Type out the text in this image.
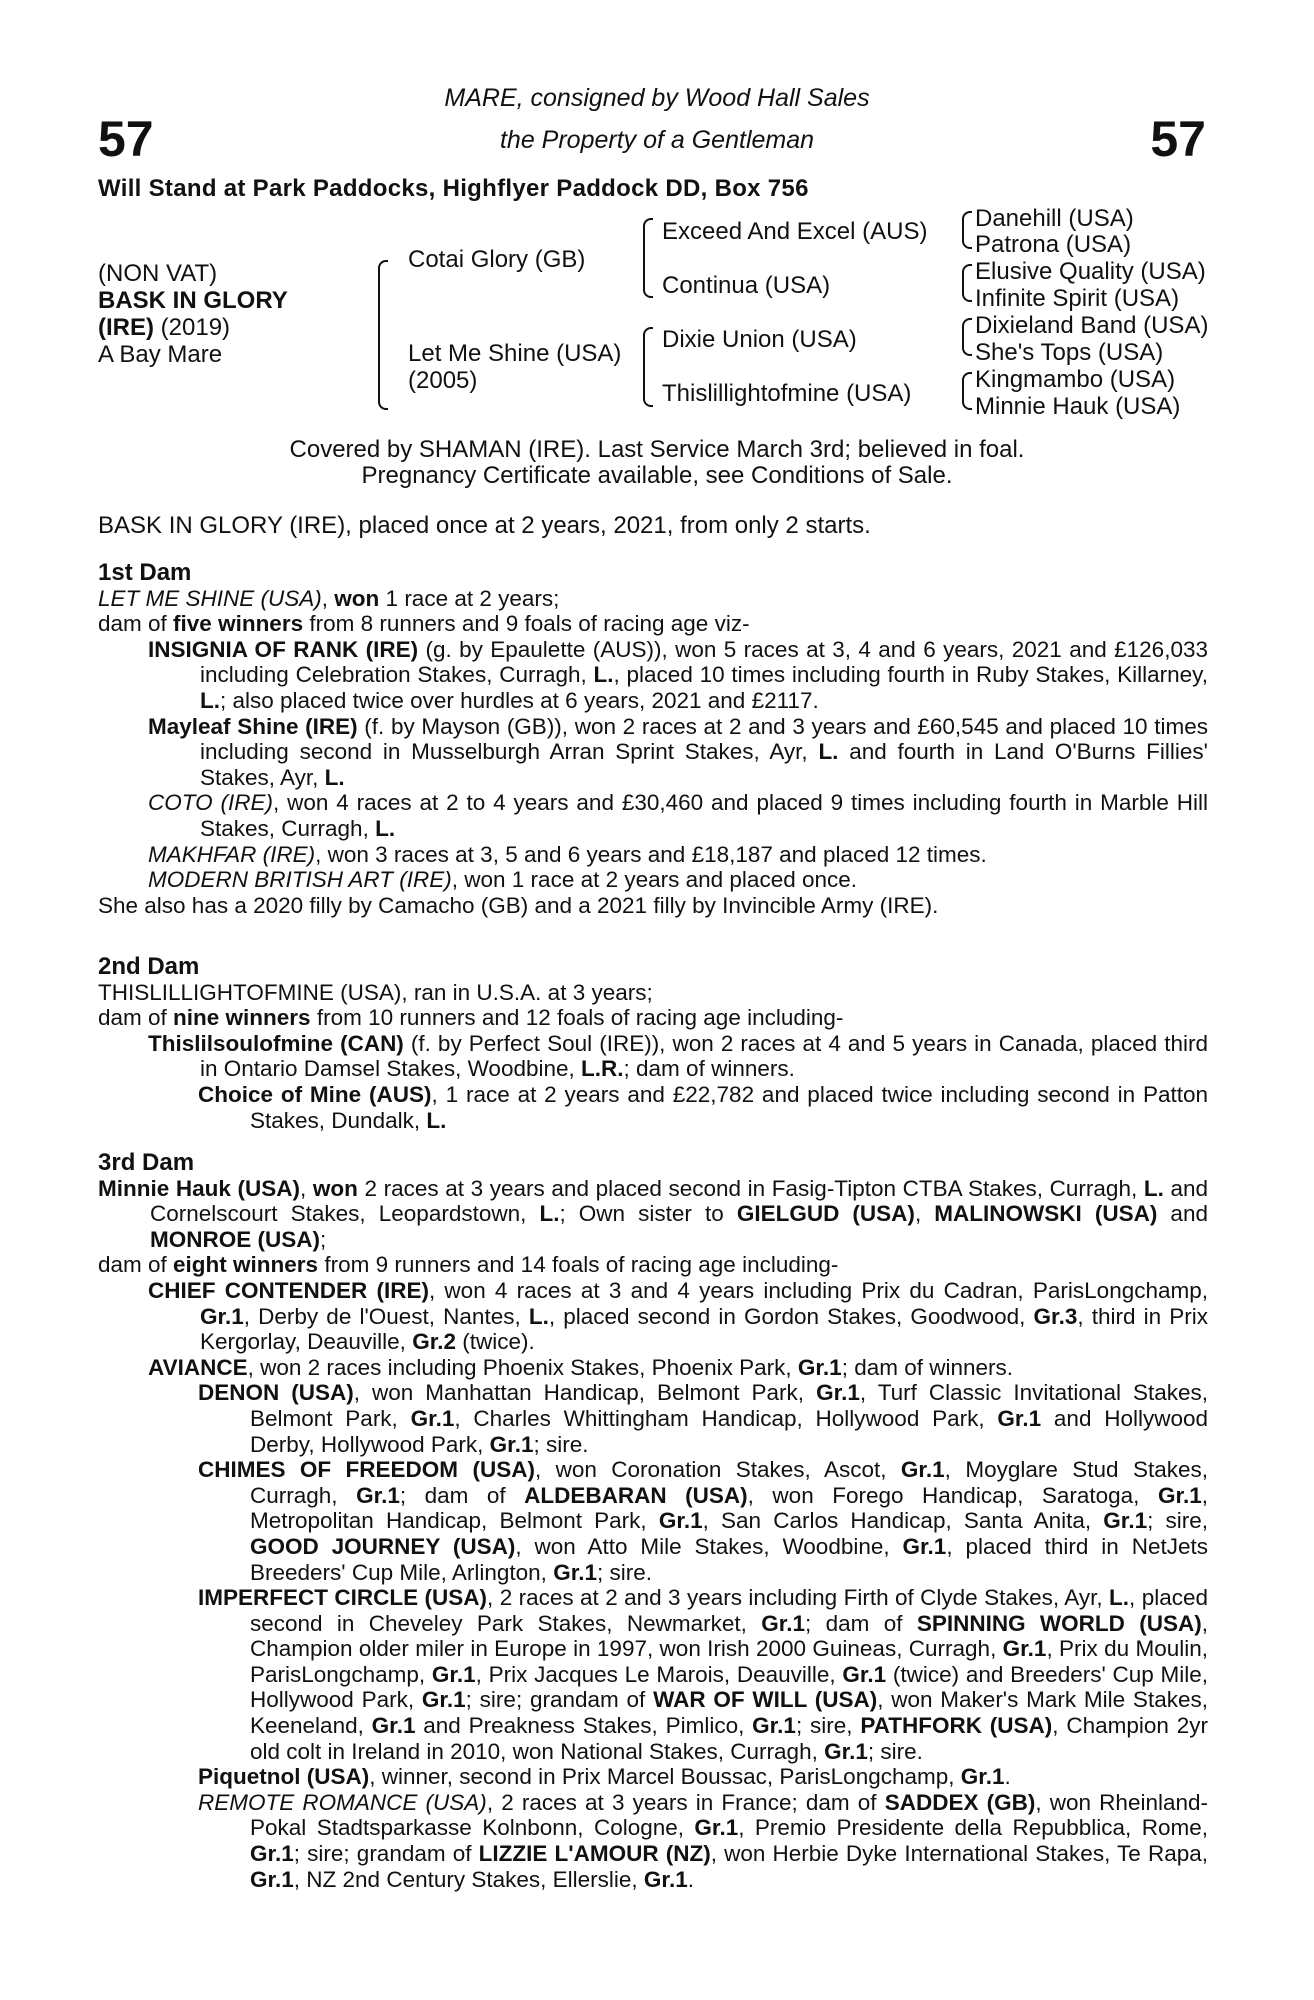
57	57
MARE, consigned by Wood Hall Sales
the Property of a Gentleman
Will Stand at Park Paddocks, Highflyer Paddock DD, Box 756
(NON VAT)
BASK IN GLORY
(IRE) (2019)
A Bay Mare
Cotai Glory (GB)
Let Me Shine (USA)
(2005)
Exceed And Excel (AUS)
Continua (USA)
Dixie Union (USA)
Thislillightofmine (USA)
Danehill (USA)
Patrona (USA)
Elusive Quality (USA)
Infinite Spirit (USA)
Dixieland Band (USA)
She's Tops (USA)
Kingmambo (USA)
Minnie Hauk (USA)
Covered by SHAMAN (IRE). Last Service March 3rd; believed in foal.
Pregnancy Certificate available, see Conditions of Sale.
BASK IN GLORY (IRE), placed once at 2 years, 2021, from only 2 starts.

1st Dam

LET ME SHINE (USA), won 1 race at 2 years;

dam of five winners from 8 runners and 9 foals of racing age viz-

INSIGNIA OF RANK (IRE) (g. by Epaulette (AUS)), won 5 races at 3, 4 and 6 years, 2021 and £126,033 including Celebration Stakes, Curragh, L., placed 10 times including fourth in Ruby Stakes, Killarney, L.; also placed twice over hurdles at 6 years, 2021 and £2117.

Mayleaf Shine (IRE) (f. by Mayson (GB)), won 2 races at 2 and 3 years and £60,545 and placed 10 times including second in Musselburgh Arran Sprint Stakes, Ayr, L. and fourth in Land O'Burns Fillies' Stakes, Ayr, L.

COTO (IRE), won 4 races at 2 to 4 years and £30,460 and placed 9 times including fourth in Marble Hill Stakes, Curragh, L.

MAKHFAR (IRE), won 3 races at 3, 5 and 6 years and £18,187 and placed 12 times.

MODERN BRITISH ART (IRE), won 1 race at 2 years and placed once.

She also has a 2020 filly by Camacho (GB) and a 2021 filly by Invincible Army (IRE).

2nd Dam

THISLILLIGHTOFMINE (USA), ran in U.S.A. at 3 years;

dam of nine winners from 10 runners and 12 foals of racing age including-

Thislilsoulofmine (CAN) (f. by Perfect Soul (IRE)), won 2 races at 4 and 5 years in Canada, placed third in Ontario Damsel Stakes, Woodbine, L.R.; dam of winners.

Choice of Mine (AUS), 1 race at 2 years and £22,782 and placed twice including second in Patton Stakes, Dundalk, L.

3rd Dam

Minnie Hauk (USA), won 2 races at 3 years and placed second in Fasig-Tipton CTBA Stakes, Curragh, L. and Cornelscourt Stakes, Leopardstown, L.; Own sister to GIELGUD (USA), MALINOWSKI (USA) and MONROE (USA);

dam of eight winners from 9 runners and 14 foals of racing age including-

CHIEF CONTENDER (IRE), won 4 races at 3 and 4 years including Prix du Cadran, ParisLongchamp, Gr.1, Derby de l'Ouest, Nantes, L., placed second in Gordon Stakes, Goodwood, Gr.3, third in Prix Kergorlay, Deauville, Gr.2 (twice).

AVIANCE, won 2 races including Phoenix Stakes, Phoenix Park, Gr.1; dam of winners.

DENON (USA), won Manhattan Handicap, Belmont Park, Gr.1, Turf Classic Invitational Stakes, Belmont Park, Gr.1, Charles Whittingham Handicap, Hollywood Park, Gr.1 and Hollywood Derby, Hollywood Park, Gr.1; sire.

CHIMES OF FREEDOM (USA), won Coronation Stakes, Ascot, Gr.1, Moyglare Stud Stakes, Curragh, Gr.1; dam of ALDEBARAN (USA), won Forego Handicap, Saratoga, Gr.1, Metropolitan Handicap, Belmont Park, Gr.1, San Carlos Handicap, Santa Anita, Gr.1; sire, GOOD JOURNEY (USA), won Atto Mile Stakes, Woodbine, Gr.1, placed third in NetJets Breeders' Cup Mile, Arlington, Gr.1; sire.

IMPERFECT CIRCLE (USA), 2 races at 2 and 3 years including Firth of Clyde Stakes, Ayr, L., placed second in Cheveley Park Stakes, Newmarket, Gr.1; dam of SPINNING WORLD (USA), Champion older miler in Europe in 1997, won Irish 2000 Guineas, Curragh, Gr.1, Prix du Moulin, ParisLongchamp, Gr.1, Prix Jacques Le Marois, Deauville, Gr.1 (twice) and Breeders' Cup Mile, Hollywood Park, Gr.1; sire; grandam of WAR OF WILL (USA), won Maker's Mark Mile Stakes, Keeneland, Gr.1 and Preakness Stakes, Pimlico, Gr.1; sire, PATHFORK (USA), Champion 2yr old colt in Ireland in 2010, won National Stakes, Curragh, Gr.1; sire.

Piquetnol (USA), winner, second in Prix Marcel Boussac, ParisLongchamp, Gr.1.

REMOTE ROMANCE (USA), 2 races at 3 years in France; dam of SADDEX (GB), won Rheinland-Pokal Stadtsparkasse Kolnbonn, Cologne, Gr.1, Premio Presidente della Repubblica, Rome, Gr.1; sire; grandam of LIZZIE L'AMOUR (NZ), won Herbie Dyke International Stakes, Te Rapa, Gr.1, NZ 2nd Century Stakes, Ellerslie, Gr.1.
